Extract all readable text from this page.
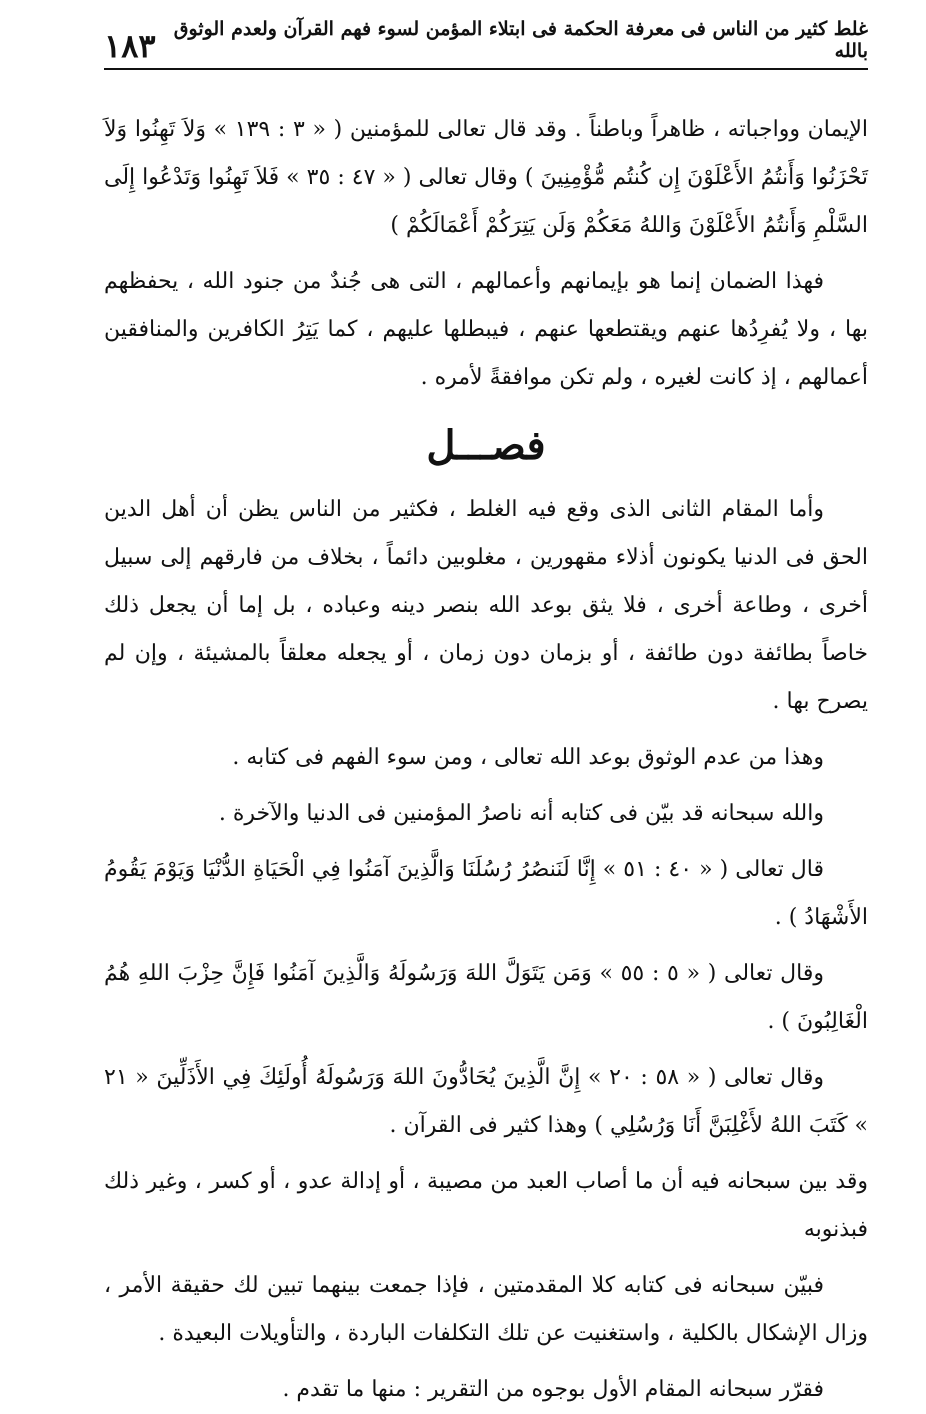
غلط كثير من الناس فى معرفة الحكمة فى ابتلاء المؤمن لسوء فهم القرآن ولعدم الوثوق بالله
١٨٣

الإيمان وواجباته ، ظاهراً وباطناً . وقد قال تعالى للمؤمنين ( « ٣ : ١٣٩ » وَلاَ تَهِنُوا وَلاَ تَحْزَنُوا وَأَنتُمُ الأَعْلَوْنَ إِن كُنتُم مُّؤْمِنِينَ ) وقال تعالى ( « ٤٧ : ٣٥ » فَلاَ تَهِنُوا وَتَدْعُوا إِلَى السَّلْمِ وَأَنتُمُ الأَعْلَوْنَ وَاللهُ مَعَكُمْ وَلَن يَتِرَكُمْ أَعْمَالَكُمْ )

فهذا الضمان إنما هو بإيمانهم وأعمالهم ، التى هى جُندٌ من جنود الله ، يحفظهم بها ، ولا يُفرِدُها عنهم ويقتطعها عنهم ، فيبطلها عليهم ، كما يَتِرُ الكافرين والمنافقين أعمالهم ، إذ كانت لغيره ، ولم تكن موافقةً لأمره .

فصـــل

وأما المقام الثانى الذى وقع فيه الغلط ، فكثير من الناس يظن أن أهل الدين الحق فى الدنيا يكونون أذلاء مقهورين ، مغلوبين دائماً ، بخلاف من فارقهم إلى سبيل أخرى ، وطاعة أخرى ، فلا يثق بوعد الله بنصر دينه وعباده ، بل إما أن يجعل ذلك خاصاً بطائفة دون طائفة ، أو بزمان دون زمان ، أو يجعله معلقاً بالمشيئة ، وإن لم يصرح بها .

وهذا من عدم الوثوق بوعد الله تعالى ، ومن سوء الفهم فى كتابه .

والله سبحانه قد بيّن فى كتابه أنه ناصرُ المؤمنين فى الدنيا والآخرة .

قال تعالى ( « ٤٠ : ٥١ » إِنَّا لَنَنصُرُ رُسُلَنَا وَالَّذِينَ آمَنُوا فِي الْحَيَاةِ الدُّنْيَا وَيَوْمَ يَقُومُ الأَشْهَادُ ) .

وقال تعالى ( « ٥ : ٥٥ » وَمَن يَتَوَلَّ اللهَ وَرَسُولَهُ وَالَّذِينَ آمَنُوا فَإِنَّ حِزْبَ اللهِ هُمُ الْغَالِبُونَ ) .

وقال تعالى ( « ٥٨ : ٢٠ » إِنَّ الَّذِينَ يُحَادُّونَ اللهَ وَرَسُولَهُ أُولَئِكَ فِي الأَذَلِّينَ « ٢١ » كَتَبَ اللهُ لأَغْلِبَنَّ أَنَا وَرُسُلِي ) وهذا كثير فى القرآن .

وقد بين سبحانه فيه أن ما أصاب العبد من مصيبة ، أو إدالة عدو ، أو كسر ، وغير ذلك فبذنوبه

فبيّن سبحانه فى كتابه كلا المقدمتين ، فإذا جمعت بينهما تبين لك حقيقة الأمر ، وزال الإشكال بالكلية ، واستغنيت عن تلك التكلفات الباردة ، والتأويلات البعيدة .

فقرّر سبحانه المقام الأول بوجوه من التقرير : منها ما تقدم .
